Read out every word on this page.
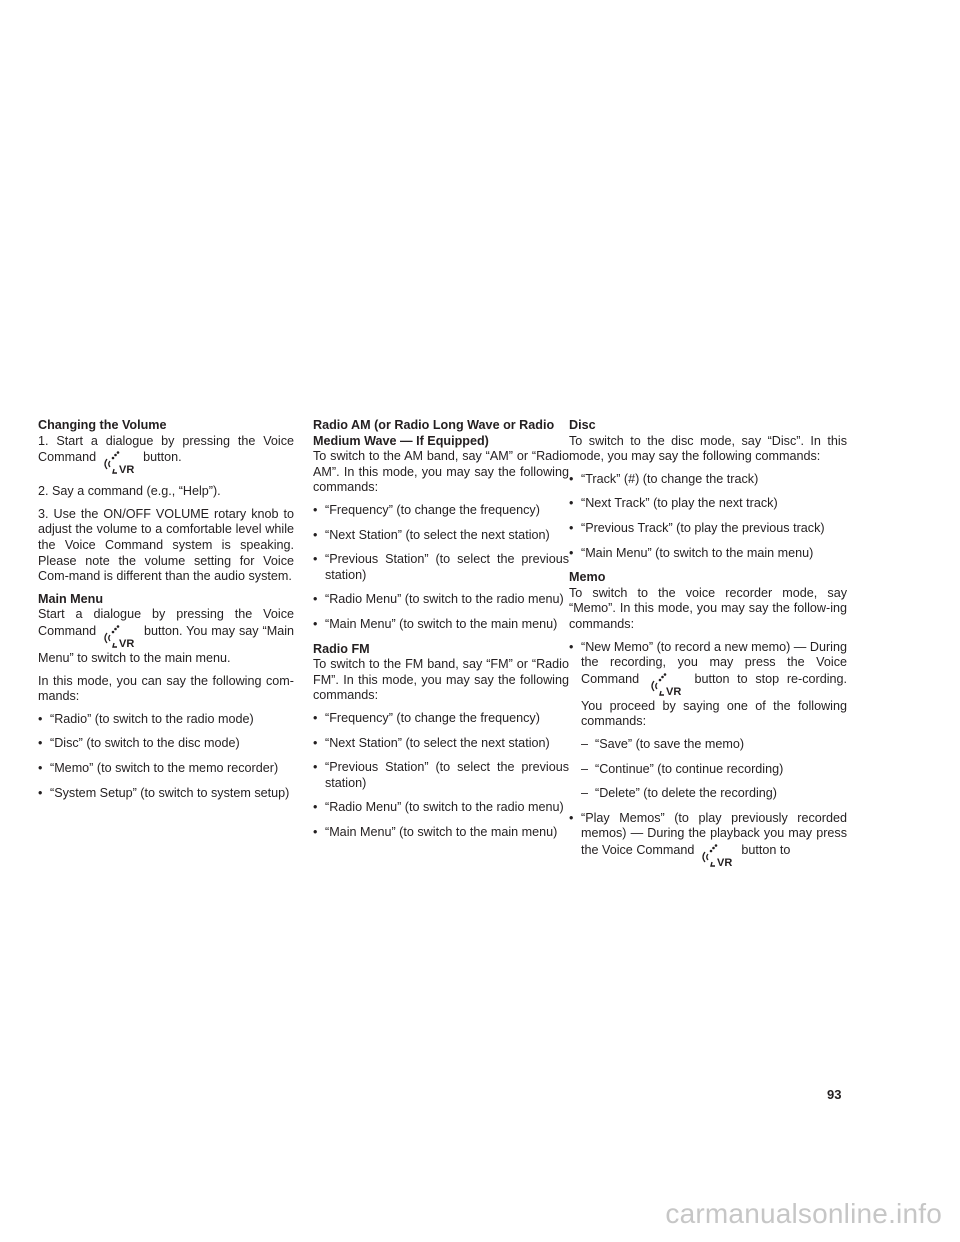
Changing the Volume

1. Start a dialogue by pressing the Voice Command
VR
button.

2. Say a command (e.g., “Help”).

3. Use the ON/OFF VOLUME rotary knob to adjust the volume to a comfortable level while the Voice Command system is speaking. Please note the volume setting for Voice Com-mand is different than the audio system.

Main Menu

Start a dialogue by pressing the Voice Command
VR
button. You may say “Main Menu” to switch to the main menu.

In this mode, you can say the following com-mands:

• “Radio” (to switch to the radio mode)
• “Disc” (to switch to the disc mode)
• “Memo” (to switch to the memo recorder)
• “System Setup” (to switch to system setup)
Radio AM (or Radio Long Wave or Radio Medium Wave — If Equipped)

To switch to the AM band, say “AM” or “Radio AM”. In this mode, you may say the following commands:

• “Frequency” (to change the frequency)
• “Next Station” (to select the next station)
• “Previous Station” (to select the previous station)
• “Radio Menu” (to switch to the radio menu)
• “Main Menu” (to switch to the main menu)
Radio FM

To switch to the FM band, say “FM” or “Radio FM”. In this mode, you may say the following commands:

• “Frequency” (to change the frequency)
• “Next Station” (to select the next station)
• “Previous Station” (to select the previous station)
• “Radio Menu” (to switch to the radio menu)
• “Main Menu” (to switch to the main menu)
Disc

To switch to the disc mode, say “Disc”. In this mode, you may say the following commands:

• “Track” (#) (to change the track)
• “Next Track” (to play the next track)
• “Previous Track” (to play the previous track)
• “Main Menu” (to switch to the main menu)
Memo

To switch to the voice recorder mode, say “Memo”. In this mode, you may say the follow-ing commands:

• “New Memo” (to record a new memo) — During the recording, you may press the Voice Command
VR
button to stop re-cording. You proceed by saying one of the following commands:
– “Save” (to save the memo)
– “Continue” (to continue recording)
– “Delete” (to delete the recording)
• “Play Memos” (to play previously recorded memos) — During the playback you may press the Voice Command
VR
button to
93
carmanualsonline.info
